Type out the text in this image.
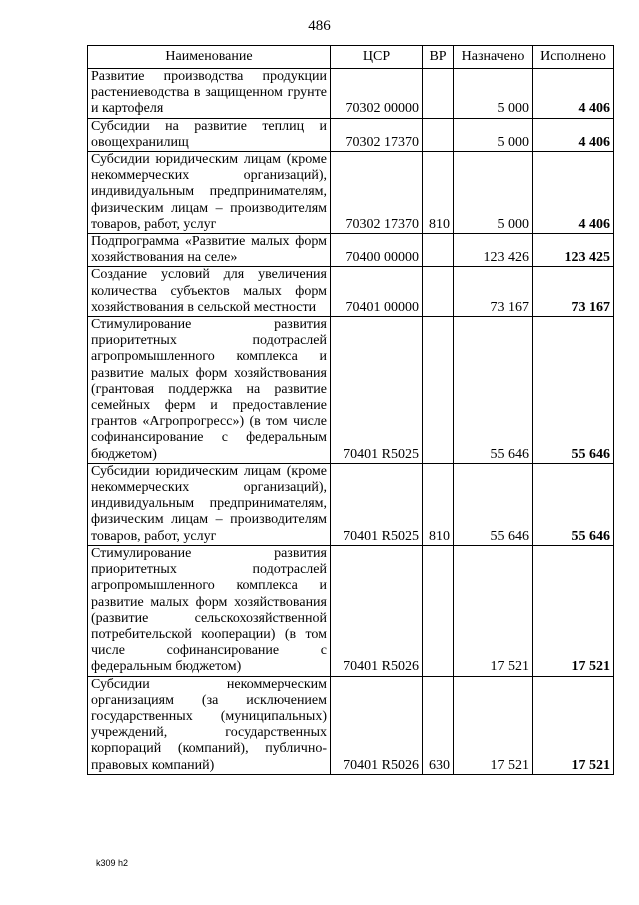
486
Наименование	ЦСР	ВР	Назначено	Исполнено
Развитие производства продукции растениеводства в защищенном грунте и картофеля	70302 00000		5 000	4 406
Субсидии на развитие теплиц и овощехранилищ	70302 17370		5 000	4 406
Субсидии юридическим лицам (кроме некоммерческих организаций), индивидуальным предпринимателям, физическим лицам – производителям товаров, работ, услуг	70302 17370	810	5 000	4 406
Подпрограмма «Развитие малых форм хозяйствования на селе»	70400 00000		123 426	123 425
Создание условий для увеличения количества субъектов малых форм хозяйствования в сельской местности	70401 00000		73 167	73 167
Стимулирование развития приоритетных подотраслей агропромышленного комплекса и развитие малых форм хозяйствования (грантовая поддержка на развитие семейных ферм и предоставление грантов «Агропрогресс») (в том числе софинансирование с федеральным бюджетом)	70401 R5025		55 646	55 646
Субсидии юридическим лицам (кроме некоммерческих организаций), индивидуальным предпринимателям, физическим лицам – производителям товаров, работ, услуг	70401 R5025	810	55 646	55 646
Стимулирование развития приоритетных подотраслей агропромышленного комплекса и развитие малых форм хозяйствования (развитие сельскохозяйственной потребительской кооперации) (в том числе софинансирование с федеральным бюджетом)	70401 R5026		17 521	17 521
Субсидии некоммерческим организациям (за исключением государственных (муниципальных) учреждений, государственных корпораций (компаний), публично-правовых компаний)	70401 R5026	630	17 521	17 521
k309 h2
